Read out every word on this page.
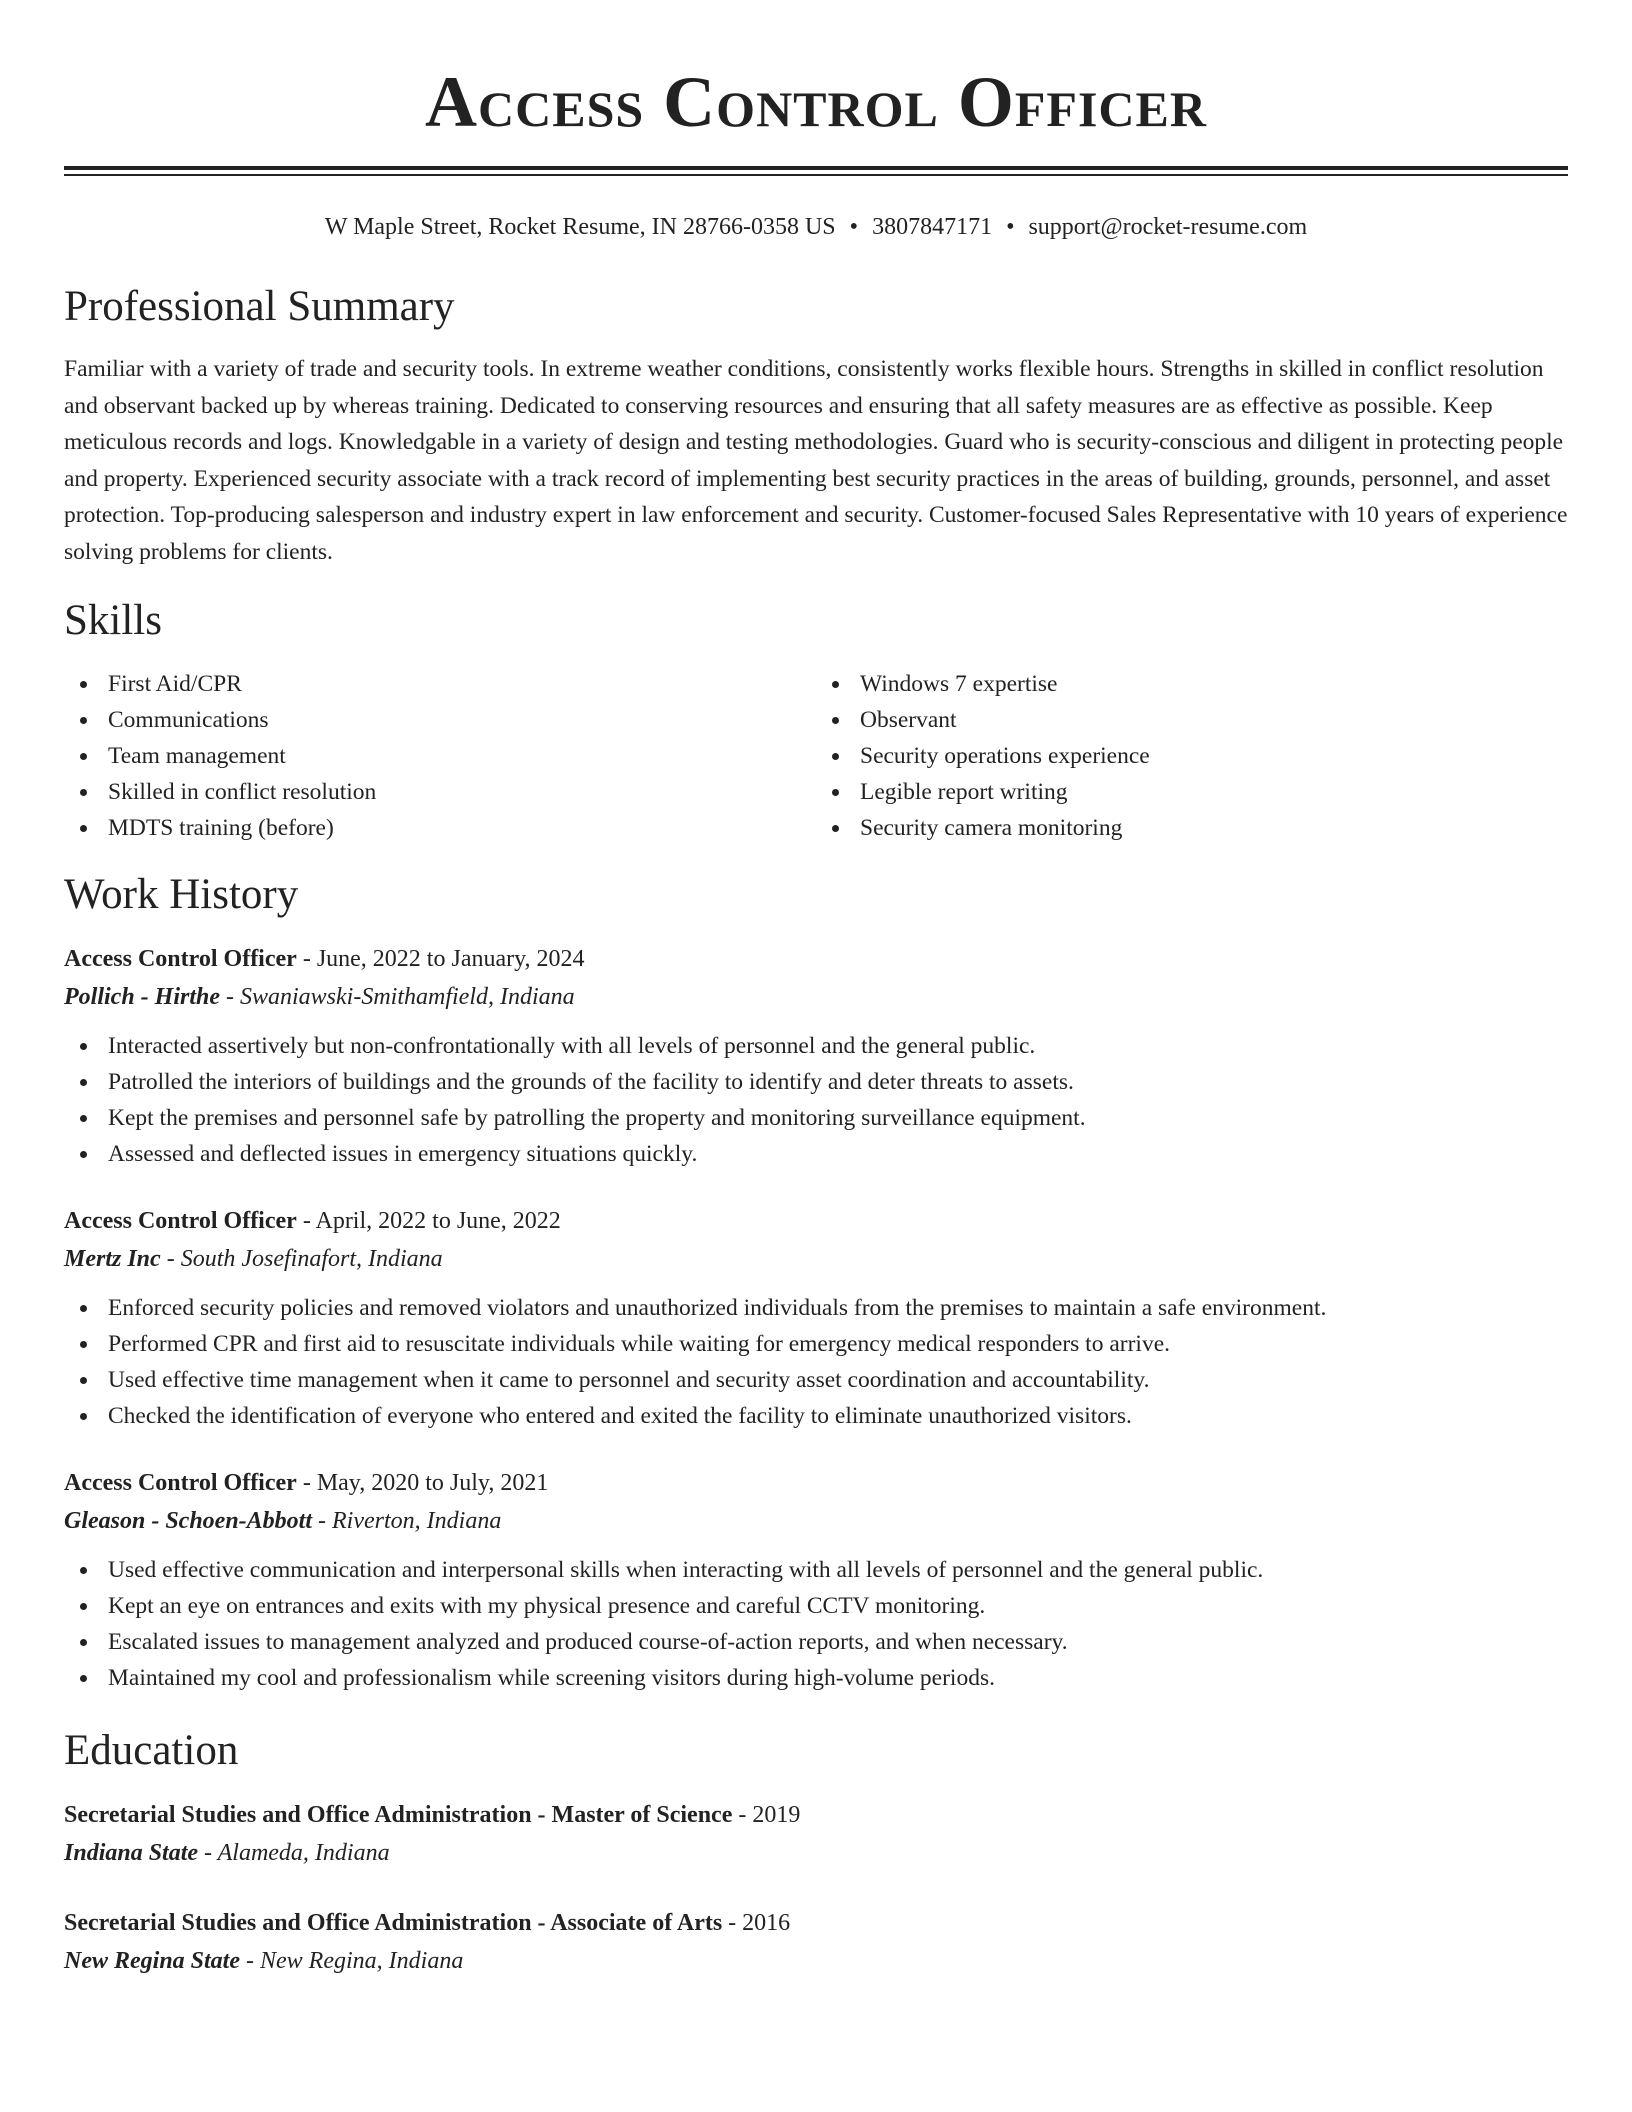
Access Control Officer
W Maple Street, Rocket Resume, IN 28766-0358 US • 3807847171 • support@rocket-resume.com
Professional Summary

Familiar with a variety of trade and security tools. In extreme weather conditions, consistently works flexible hours. Strengths in skilled in conflict resolution and observant backed up by whereas training. Dedicated to conserving resources and ensuring that all safety measures are as effective as possible. Keep meticulous records and logs. Knowledgable in a variety of design and testing methodologies. Guard who is security-conscious and diligent in protecting people and property. Experienced security associate with a track record of implementing best security practices in the areas of building, grounds, personnel, and asset protection. Top-producing salesperson and industry expert in law enforcement and security. Customer-focused Sales Representative with 10 years of experience solving problems for clients.

Skills
First Aid/CPR
Communications
Team management
Skilled in conflict resolution
MDTS training (before)
Windows 7 expertise
Observant
Security operations experience
Legible report writing
Security camera monitoring
Work History
Access Control Officer - June, 2022 to January, 2024
Pollich - Hirthe - Swaniawski-Smithamfield, Indiana
Interacted assertively but non-confrontationally with all levels of personnel and the general public.
Patrolled the interiors of buildings and the grounds of the facility to identify and deter threats to assets.
Kept the premises and personnel safe by patrolling the property and monitoring surveillance equipment.
Assessed and deflected issues in emergency situations quickly.
Access Control Officer - April, 2022 to June, 2022
Mertz Inc - South Josefinafort, Indiana
Enforced security policies and removed violators and unauthorized individuals from the premises to maintain a safe environment.
Performed CPR and first aid to resuscitate individuals while waiting for emergency medical responders to arrive.
Used effective time management when it came to personnel and security asset coordination and accountability.
Checked the identification of everyone who entered and exited the facility to eliminate unauthorized visitors.
Access Control Officer - May, 2020 to July, 2021
Gleason - Schoen-Abbott - Riverton, Indiana
Used effective communication and interpersonal skills when interacting with all levels of personnel and the general public.
Kept an eye on entrances and exits with my physical presence and careful CCTV monitoring.
Escalated issues to management analyzed and produced course-of-action reports, and when necessary.
Maintained my cool and professionalism while screening visitors during high-volume periods.
Education
Secretarial Studies and Office Administration - Master of Science - 2019
Indiana State - Alameda, Indiana
Secretarial Studies and Office Administration - Associate of Arts - 2016
New Regina State - New Regina, Indiana
